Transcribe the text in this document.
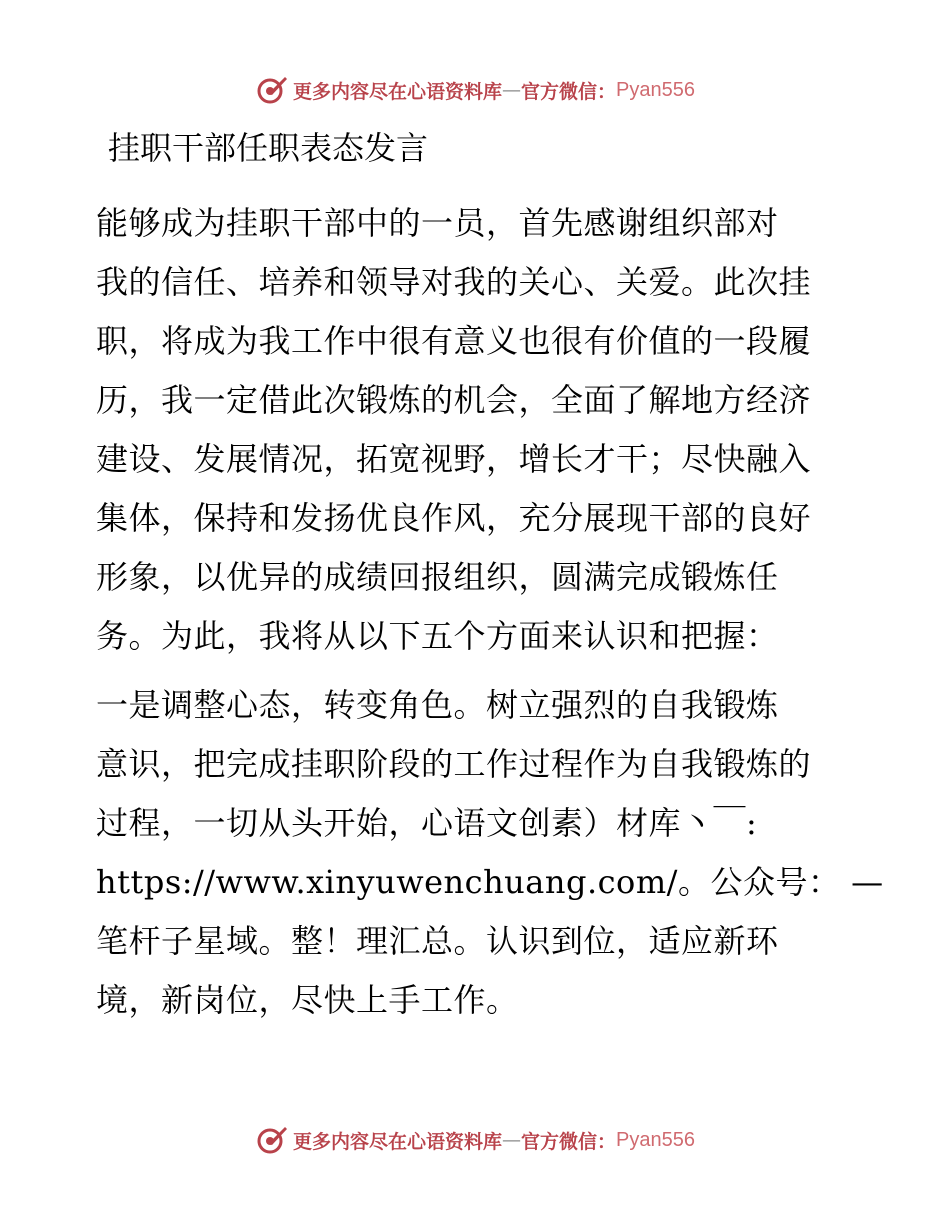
更多内容尽在心语资料库 — 官方微信： Pyan556
挂职干部任职表态发言
能够成为挂职干部中的一员，首先感谢组织部对
我的信任、培养和领导对我的关心、关爱。此次挂
职，将成为我工作中很有意义也很有价值的一段履
历，我一定借此次锻炼的机会，全面了解地方经济
建设、发展情况，拓宽视野，增长才干；尽快融入
集体，保持和发扬优良作风，充分展现干部的良好
形象，以优异的成绩回报组织，圆满完成锻炼任
务。为此，我将从以下五个方面来认识和把握：
一是调整心态，转变角色。树立强烈的自我锻炼
意识，把完成挂职阶段的工作过程作为自我锻炼的
过程，一切从头开始，心语文创素）材库丶￣:
https://www.xinyuwenchuang.com/。公众号： —
笔杆子星域。整！理汇总。认识到位，适应新环
境，新岗位，尽快上手工作。
更多内容尽在心语资料库 — 官方微信： Pyan556
